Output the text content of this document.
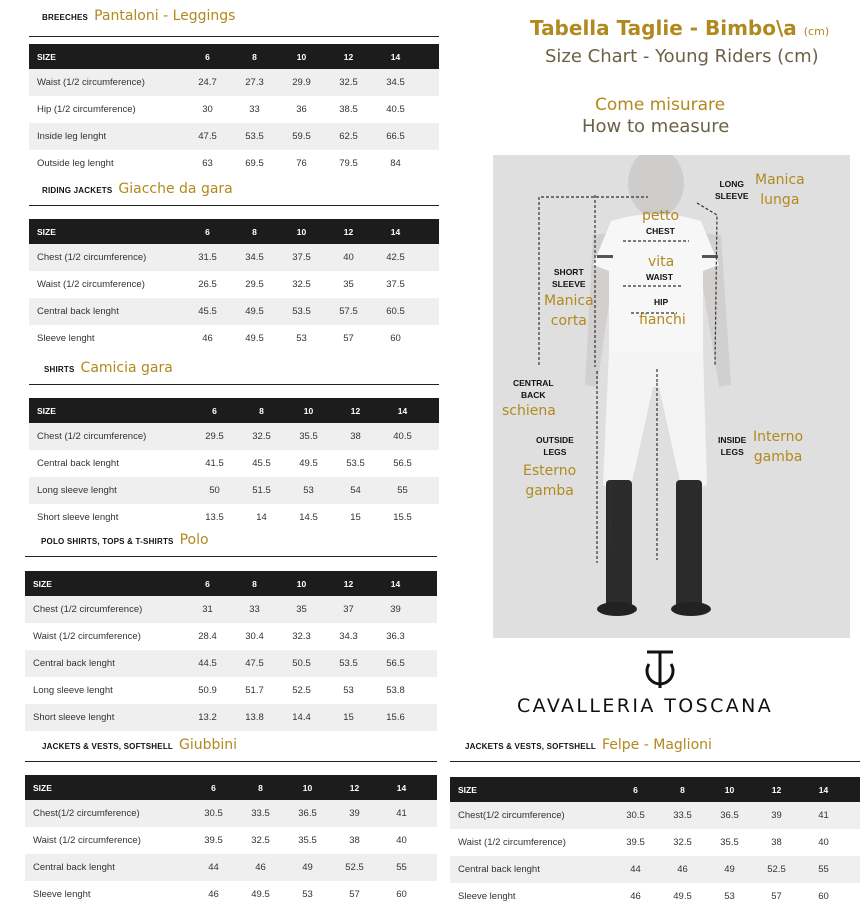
Tabella Taglie - Bimbo\a (cm)
Size Chart - Young Riders (cm)
Come misurare
How to measure
LONG
SLEEVE
Manica
lunga
petto
CHEST
vita
WAIST
HIP
fianchi
SHORT
SLEEVE
Manica
corta
CENTRAL
BACK
schiena
OUTSIDE
LEGS
Esterno
gamba
INSIDE
LEGS
Interno
gamba
CAVALLERIA TOSCANA
BREECHES Pantaloni - Leggings
SIZE	6	8	10	12	14
Waist (1/2 circumference)	24.7	27.3	29.9	32.5	34.5
Hip (1/2 circumference)	30	33	36	38.5	40.5
Inside leg lenght	47.5	53.5	59.5	62.5	66.5
Outside leg lenght	63	69.5	76	79.5	84
RIDING JACKETS Giacche da gara
SIZE	6	8	10	12	14
Chest (1/2 circumference)	31.5	34.5	37.5	40	42.5
Waist (1/2 circumference)	26.5	29.5	32.5	35	37.5
Central back lenght	45.5	49.5	53.5	57.5	60.5
Sleeve lenght	46	49.5	53	57	60
SHIRTS Camicia gara
SIZE	6	8	10	12	14
Chest (1/2 circumference)	29.5	32.5	35.5	38	40.5
Central back lenght	41.5	45.5	49.5	53.5	56.5
Long sleeve lenght	50	51.5	53	54	55
Short sleeve lenght	13.5	14	14.5	15	15.5
POLO SHIRTS, TOPS & T-SHIRTS Polo
SIZE	6	8	10	12	14
Chest (1/2 circumference)	31	33	35	37	39
Waist (1/2 circumference)	28.4	30.4	32.3	34.3	36.3
Central back lenght	44.5	47.5	50.5	53.5	56.5
Long sleeve lenght	50.9	51.7	52.5	53	53.8
Short sleeve lenght	13.2	13.8	14.4	15	15.6
JACKETS & VESTS, SOFTSHELL Giubbini
SIZE	6	8	10	12	14
Chest(1/2 circumference)	30.5	33.5	36.5	39	41
Waist (1/2 circumference)	39.5	32.5	35.5	38	40
Central back lenght	44	46	49	52.5	55
Sleeve lenght	46	49.5	53	57	60
JACKETS & VESTS, SOFTSHELL Felpe - Maglioni
SIZE	6	8	10	12	14
Chest(1/2 circumference)	30.5	33.5	36.5	39	41
Waist (1/2 circumference)	39.5	32.5	35.5	38	40
Central back lenght	44	46	49	52.5	55
Sleeve lenght	46	49.5	53	57	60
